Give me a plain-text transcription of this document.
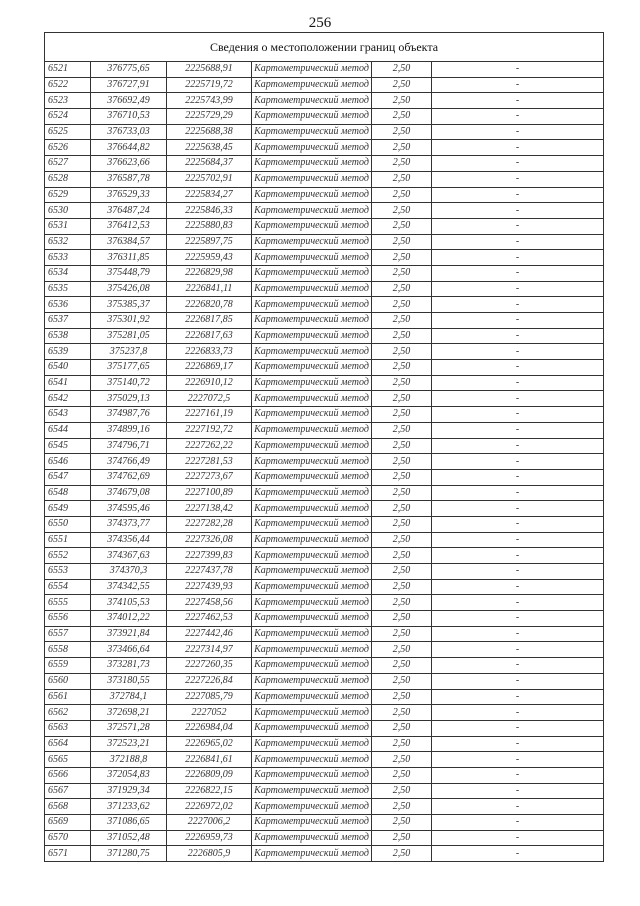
256
Сведения о местоположении границ объекта					
6521	376775,65	2225688,91	Картометрический метод	2,50	-
6522	376727,91	2225719,72	Картометрический метод	2,50	-
6523	376692,49	2225743,99	Картометрический метод	2,50	-
6524	376710,53	2225729,29	Картометрический метод	2,50	-
6525	376733,03	2225688,38	Картометрический метод	2,50	-
6526	376644,82	2225638,45	Картометрический метод	2,50	-
6527	376623,66	2225684,37	Картометрический метод	2,50	-
6528	376587,78	2225702,91	Картометрический метод	2,50	-
6529	376529,33	2225834,27	Картометрический метод	2,50	-
6530	376487,24	2225846,33	Картометрический метод	2,50	-
6531	376412,53	2225880,83	Картометрический метод	2,50	-
6532	376384,57	2225897,75	Картометрический метод	2,50	-
6533	376311,85	2225959,43	Картометрический метод	2,50	-
6534	375448,79	2226829,98	Картометрический метод	2,50	-
6535	375426,08	2226841,11	Картометрический метод	2,50	-
6536	375385,37	2226820,78	Картометрический метод	2,50	-
6537	375301,92	2226817,85	Картометрический метод	2,50	-
6538	375281,05	2226817,63	Картометрический метод	2,50	-
6539	375237,8	2226833,73	Картометрический метод	2,50	-
6540	375177,65	2226869,17	Картометрический метод	2,50	-
6541	375140,72	2226910,12	Картометрический метод	2,50	-
6542	375029,13	2227072,5	Картометрический метод	2,50	-
6543	374987,76	2227161,19	Картометрический метод	2,50	-
6544	374899,16	2227192,72	Картометрический метод	2,50	-
6545	374796,71	2227262,22	Картометрический метод	2,50	-
6546	374766,49	2227281,53	Картометрический метод	2,50	-
6547	374762,69	2227273,67	Картометрический метод	2,50	-
6548	374679,08	2227100,89	Картометрический метод	2,50	-
6549	374595,46	2227138,42	Картометрический метод	2,50	-
6550	374373,77	2227282,28	Картометрический метод	2,50	-
6551	374356,44	2227326,08	Картометрический метод	2,50	-
6552	374367,63	2227399,83	Картометрический метод	2,50	-
6553	374370,3	2227437,78	Картометрический метод	2,50	-
6554	374342,55	2227439,93	Картометрический метод	2,50	-
6555	374105,53	2227458,56	Картометрический метод	2,50	-
6556	374012,22	2227462,53	Картометрический метод	2,50	-
6557	373921,84	2227442,46	Картометрический метод	2,50	-
6558	373466,64	2227314,97	Картометрический метод	2,50	-
6559	373281,73	2227260,35	Картометрический метод	2,50	-
6560	373180,55	2227226,84	Картометрический метод	2,50	-
6561	372784,1	2227085,79	Картометрический метод	2,50	-
6562	372698,21	2227052	Картометрический метод	2,50	-
6563	372571,28	2226984,04	Картометрический метод	2,50	-
6564	372523,21	2226965,02	Картометрический метод	2,50	-
6565	372188,8	2226841,61	Картометрический метод	2,50	-
6566	372054,83	2226809,09	Картометрический метод	2,50	-
6567	371929,34	2226822,15	Картометрический метод	2,50	-
6568	371233,62	2226972,02	Картометрический метод	2,50	-
6569	371086,65	2227006,2	Картометрический метод	2,50	-
6570	371052,48	2226959,73	Картометрический метод	2,50	-
6571	371280,75	2226805,9	Картометрический метод	2,50	-
